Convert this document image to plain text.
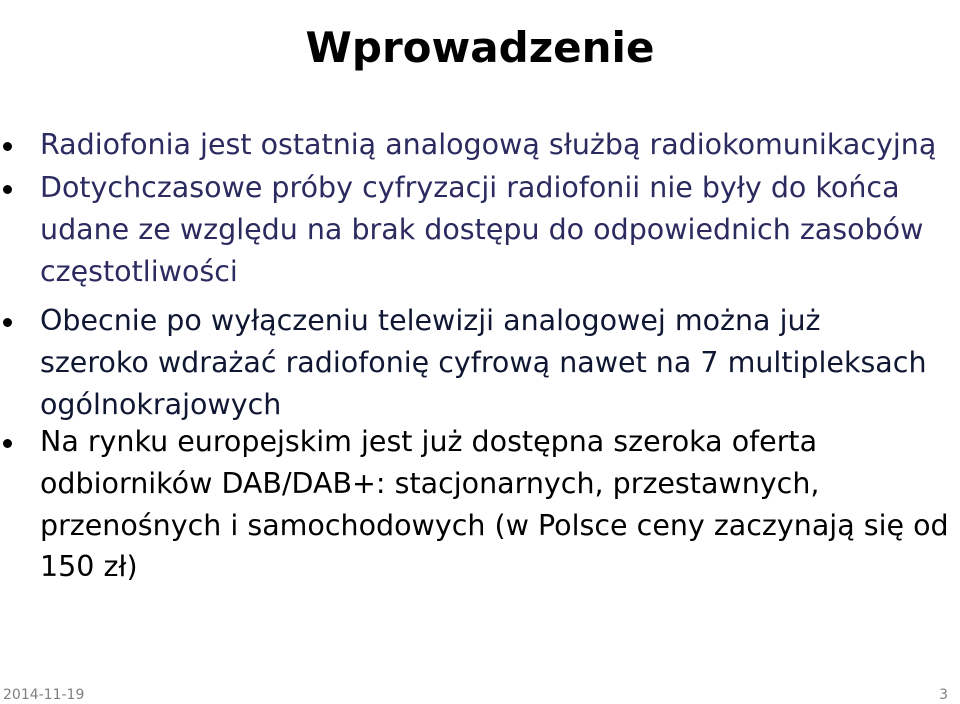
Wprowadzenie
Radiofonia jest ostatnią analogową służbą radiokomunikacyjną
Dotychczasowe próby cyfryzacji radiofonii nie były do końca
udane ze względu na brak dostępu do odpowiednich zasobów
częstotliwości
Obecnie po wyłączeniu telewizji analogowej można już
szeroko wdrażać radiofonię cyfrową nawet na 7 multipleksach
ogólnokrajowych
Na rynku europejskim jest już dostępna szeroka oferta
odbiorników DAB/DAB+: stacjonarnych, przestawnych,
przenośnych i samochodowych (w Polsce ceny zaczynają się od
150 zł)
2014-11-19	3
